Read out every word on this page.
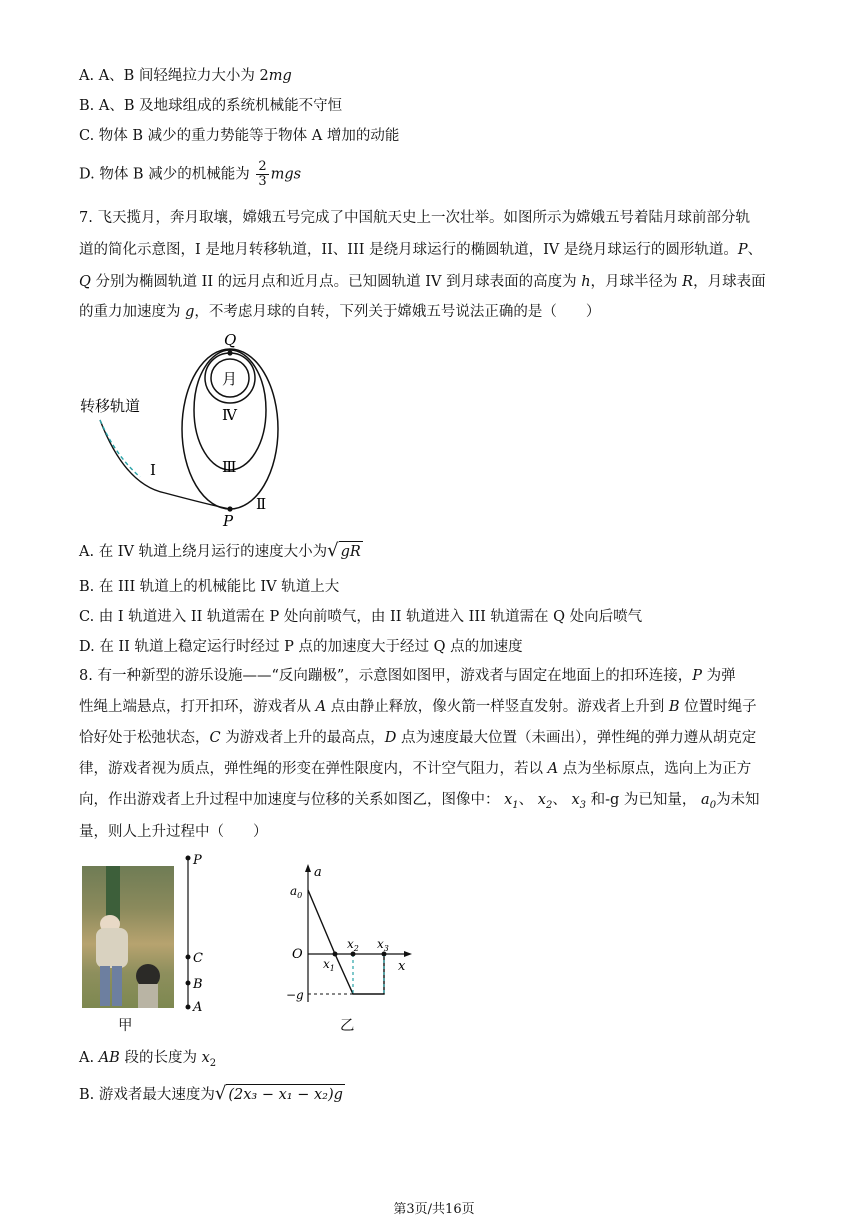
A. A、B 间轻绳拉力大小为 2mg
B. A、B 及地球组成的系统机械能不守恒
C. 物体 B 减少的重力势能等于物体 A 增加的动能
D. 物体 B 减少的机械能为 $\frac{2}{3}$ mgs
7. 飞天揽月，奔月取壤，嫦娥五号完成了中国航天史上一次壮举。如图所示为嫦娥五号着陆月球前部分轨
道的简化示意图，I 是地月转移轨道，II、III 是绕月球运行的椭圆轨道，IV 是绕月球运行的圆形轨道。P、
Q 分别为椭圆轨道 II 的远月点和近月点。已知圆轨道 IV 到月球表面的高度为 h，月球半径为 R，月球表面
的重力加速度为 g，不考虑月球的自转，下列关于嫦娥五号说法正确的是（　　）
Q
月
Ⅳ
Ⅲ
Ⅱ
I
P
转移轨道
A. 在 IV 轨道上绕月运行的速度大小为√ gR
B. 在 III 轨道上的机械能比 IV 轨道上大
C. 由 I 轨道进入 II 轨道需在 P 处向前喷气，由 II 轨道进入 III 轨道需在 Q 处向后喷气
D. 在 II 轨道上稳定运行时经过 P 点的加速度大于经过 Q 点的加速度
8. 有一种新型的游乐设施——“反向蹦极”，示意图如图甲，游戏者与固定在地面上的扣环连接，P 为弹
性绳上端悬点，打开扣环，游戏者从 A 点由静止释放，像火箭一样竖直发射。游戏者上升到 B 位置时绳子
恰好处于松弛状态，C 为游戏者上升的最高点，D 点为速度最大位置（未画出），弹性绳的弹力遵从胡克定
律，游戏者视为质点，弹性绳的形变在弹性限度内，不计空气阻力，若以 A 点为坐标原点，选向上为正方
向，作出游戏者上升过程中加速度与位移的关系如图乙，图像中： $x_1$、 $x_2$、 $x_3$ 和-g 为已知量， $a_0$为未知
量，则人上升过程中（　　）
P
C
B
A
甲
a
x
$a_0$
O
−g
$x_1$
$x_2$ $x_3$
乙
A. AB 段的长度为 $x_2$
B. 游戏者最大速度为√ (2x₃ − x₁ − x₂)g
第3页/共16页
